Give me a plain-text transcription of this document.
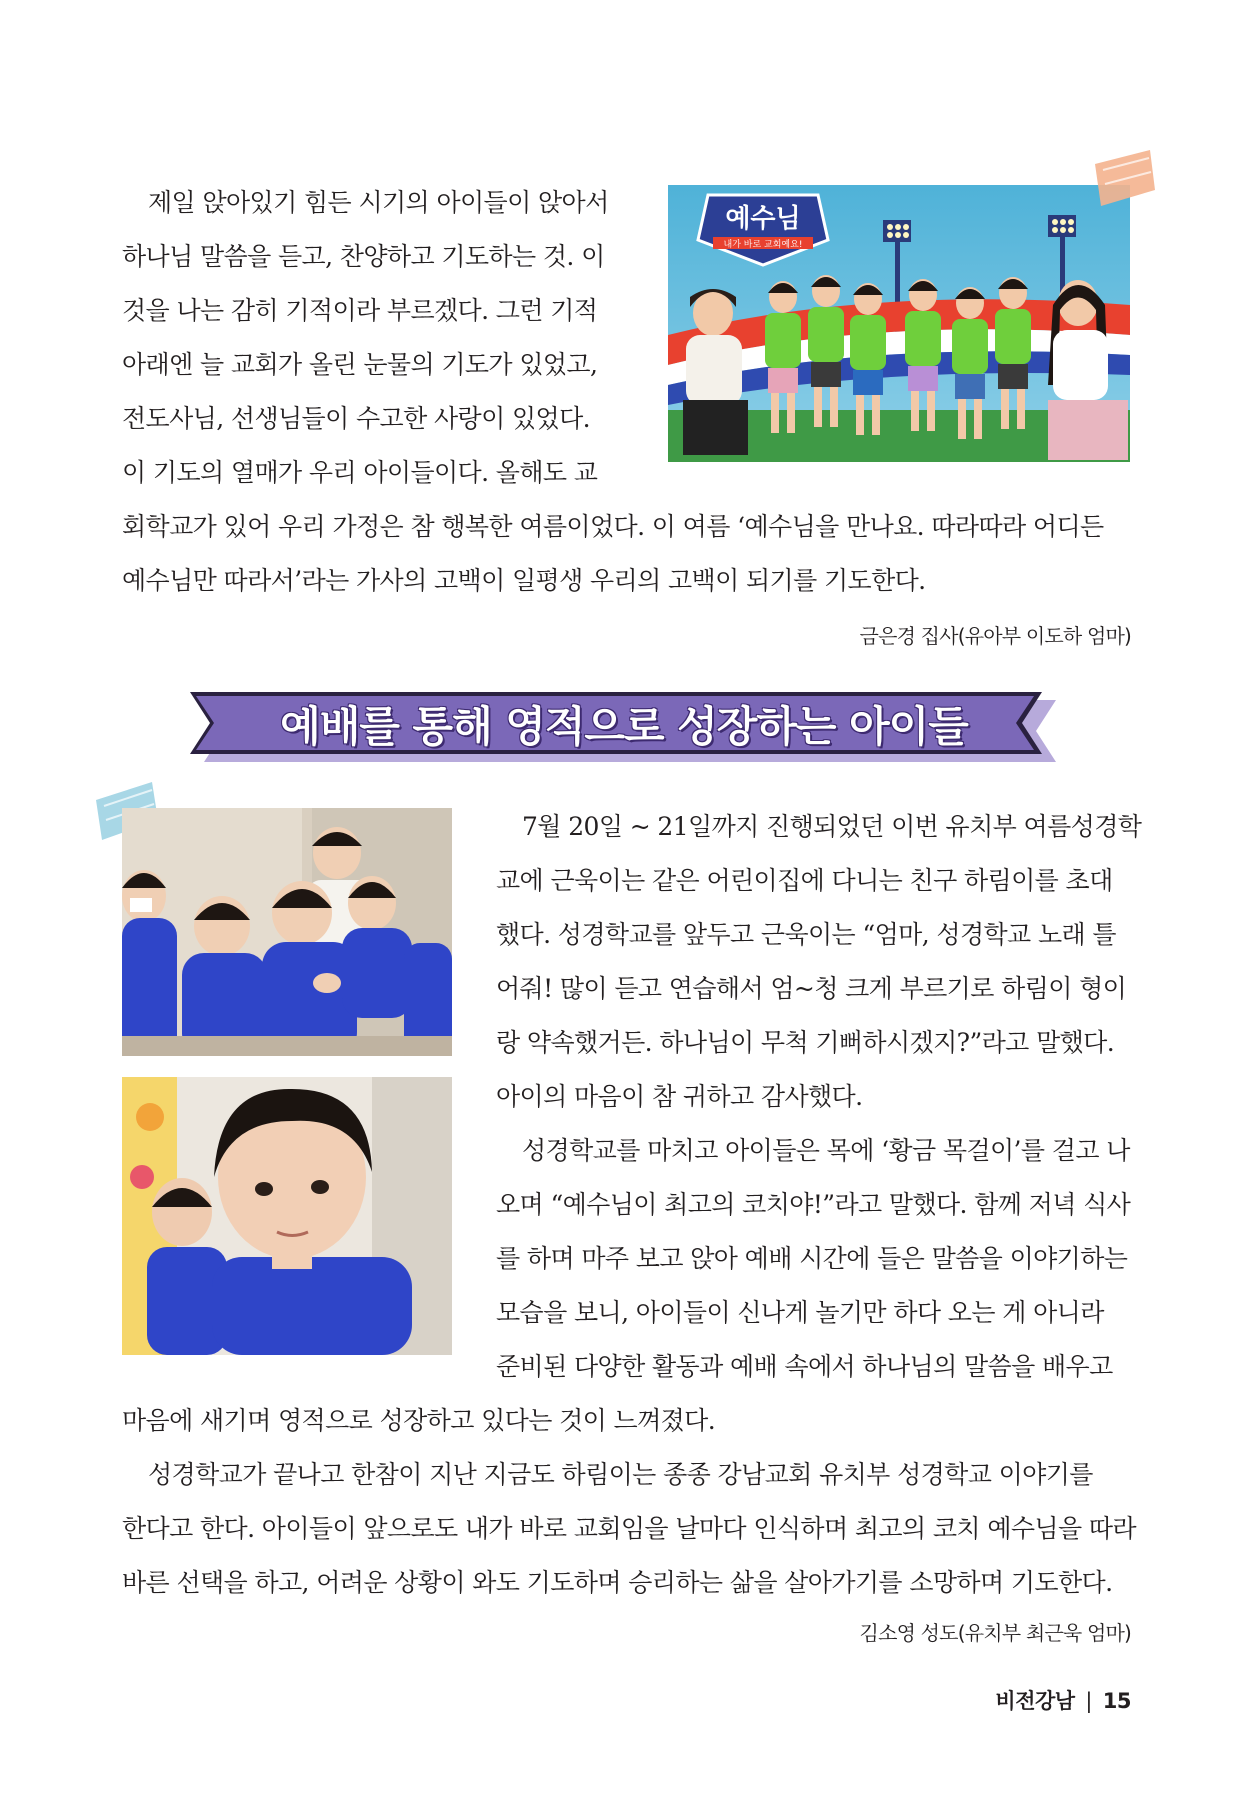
제일 앉아있기 힘든 시기의 아이들이 앉아서
하나님 말씀을 듣고, 찬양하고 기도하는 것. 이
것을 나는 감히 기적이라 부르겠다. 그런 기적
아래엔 늘 교회가 올린 눈물의 기도가 있었고,
전도사님, 선생님들이 수고한 사랑이 있었다.
이 기도의 열매가 우리 아이들이다. 올해도 교
회학교가 있어 우리 가정은 참 행복한 여름이었다. 이 여름 ‘예수님을 만나요. 따라따라 어디든
예수님만 따라서’라는 가사의 고백이 일평생 우리의 고백이 되기를 기도한다.
금은경 집사(유아부 이도하 엄마)
예수님
내가 바로 교회예요!
예배를 통해 영적으로 성장하는 아이들
7월 20일 ~ 21일까지 진행되었던 이번 유치부 여름성경학
교에 근욱이는 같은 어린이집에 다니는 친구 하림이를 초대
했다. 성경학교를 앞두고 근욱이는 “엄마, 성경학교 노래 틀
어줘! 많이 듣고 연습해서 엄~청 크게 부르기로 하림이 형이
랑 약속했거든. 하나님이 무척 기뻐하시겠지?”라고 말했다.
아이의 마음이 참 귀하고 감사했다.
성경학교를 마치고 아이들은 목에 ‘황금 목걸이’를 걸고 나
오며 “예수님이 최고의 코치야!”라고 말했다. 함께 저녁 식사
를 하며 마주 보고 앉아 예배 시간에 들은 말씀을 이야기하는
모습을 보니, 아이들이 신나게 놀기만 하다 오는 게 아니라
준비된 다양한 활동과 예배 속에서 하나님의 말씀을 배우고
마음에 새기며 영적으로 성장하고 있다는 것이 느껴졌다.
성경학교가 끝나고 한참이 지난 지금도 하림이는 종종 강남교회 유치부 성경학교 이야기를
한다고 한다. 아이들이 앞으로도 내가 바로 교회임을 날마다 인식하며 최고의 코치 예수님을 따라
바른 선택을 하고, 어려운 상황이 와도 기도하며 승리하는 삶을 살아가기를 소망하며 기도한다.
김소영 성도(유치부 최근욱 엄마)
비전강남 | 15
